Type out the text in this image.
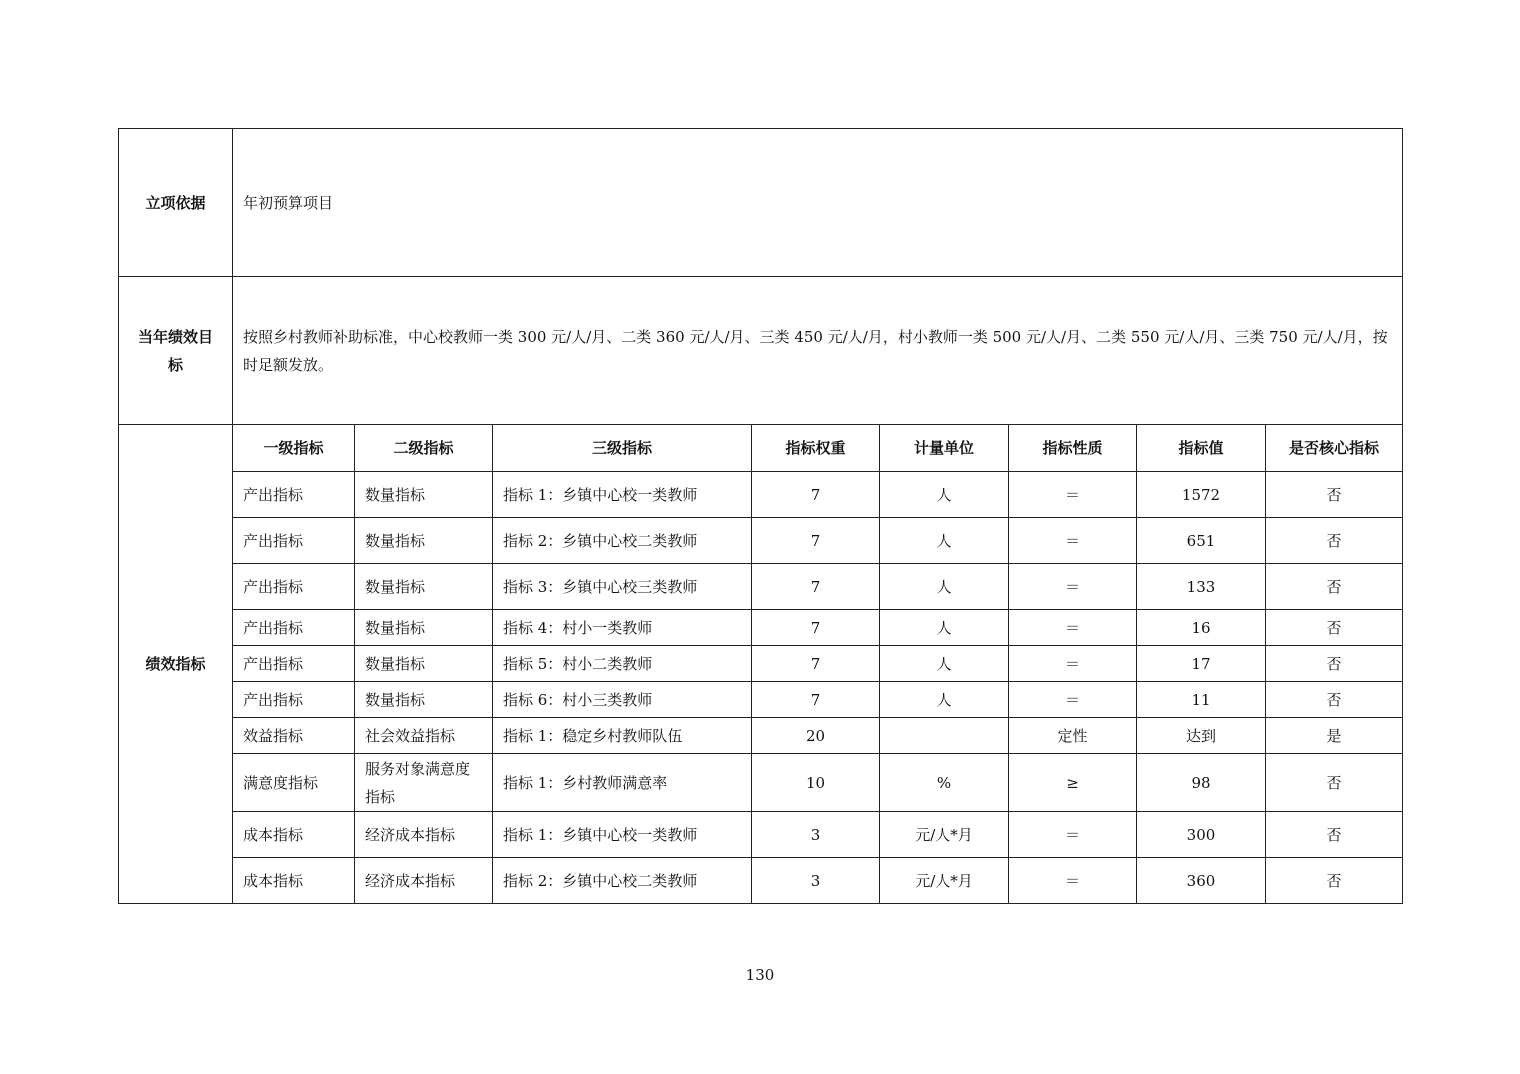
立项依据	年初预算项目							
当年绩效目标	按照乡村教师补助标准，中心校教师一类 300 元/人/月、二类 360 元/人/月、三类 450 元/人/月，村小教师一类 500 元/人/月、二类 550 元/人/月、三类 750 元/人/月，按时足额发放。							
绩效指标	一级指标	二级指标	三级指标	指标权重	计量单位	指标性质	指标值	是否核心指标
	产出指标	数量指标	指标 1：乡镇中心校一类教师	7	人	＝	1572	否
	产出指标	数量指标	指标 2：乡镇中心校二类教师	7	人	＝	651	否
	产出指标	数量指标	指标 3：乡镇中心校三类教师	7	人	＝	133	否
	产出指标	数量指标	指标 4：村小一类教师	7	人	＝	16	否
	产出指标	数量指标	指标 5：村小二类教师	7	人	＝	17	否
	产出指标	数量指标	指标 6：村小三类教师	7	人	＝	11	否
	效益指标	社会效益指标	指标 1：稳定乡村教师队伍	20		定性	达到	是
	满意度指标	服务对象满意度指标	指标 1：乡村教师满意率	10	%	≥	98	否
	成本指标	经济成本指标	指标 1：乡镇中心校一类教师	3	元/人*月	＝	300	否
	成本指标	经济成本指标	指标 2：乡镇中心校二类教师	3	元/人*月	＝	360	否
130
